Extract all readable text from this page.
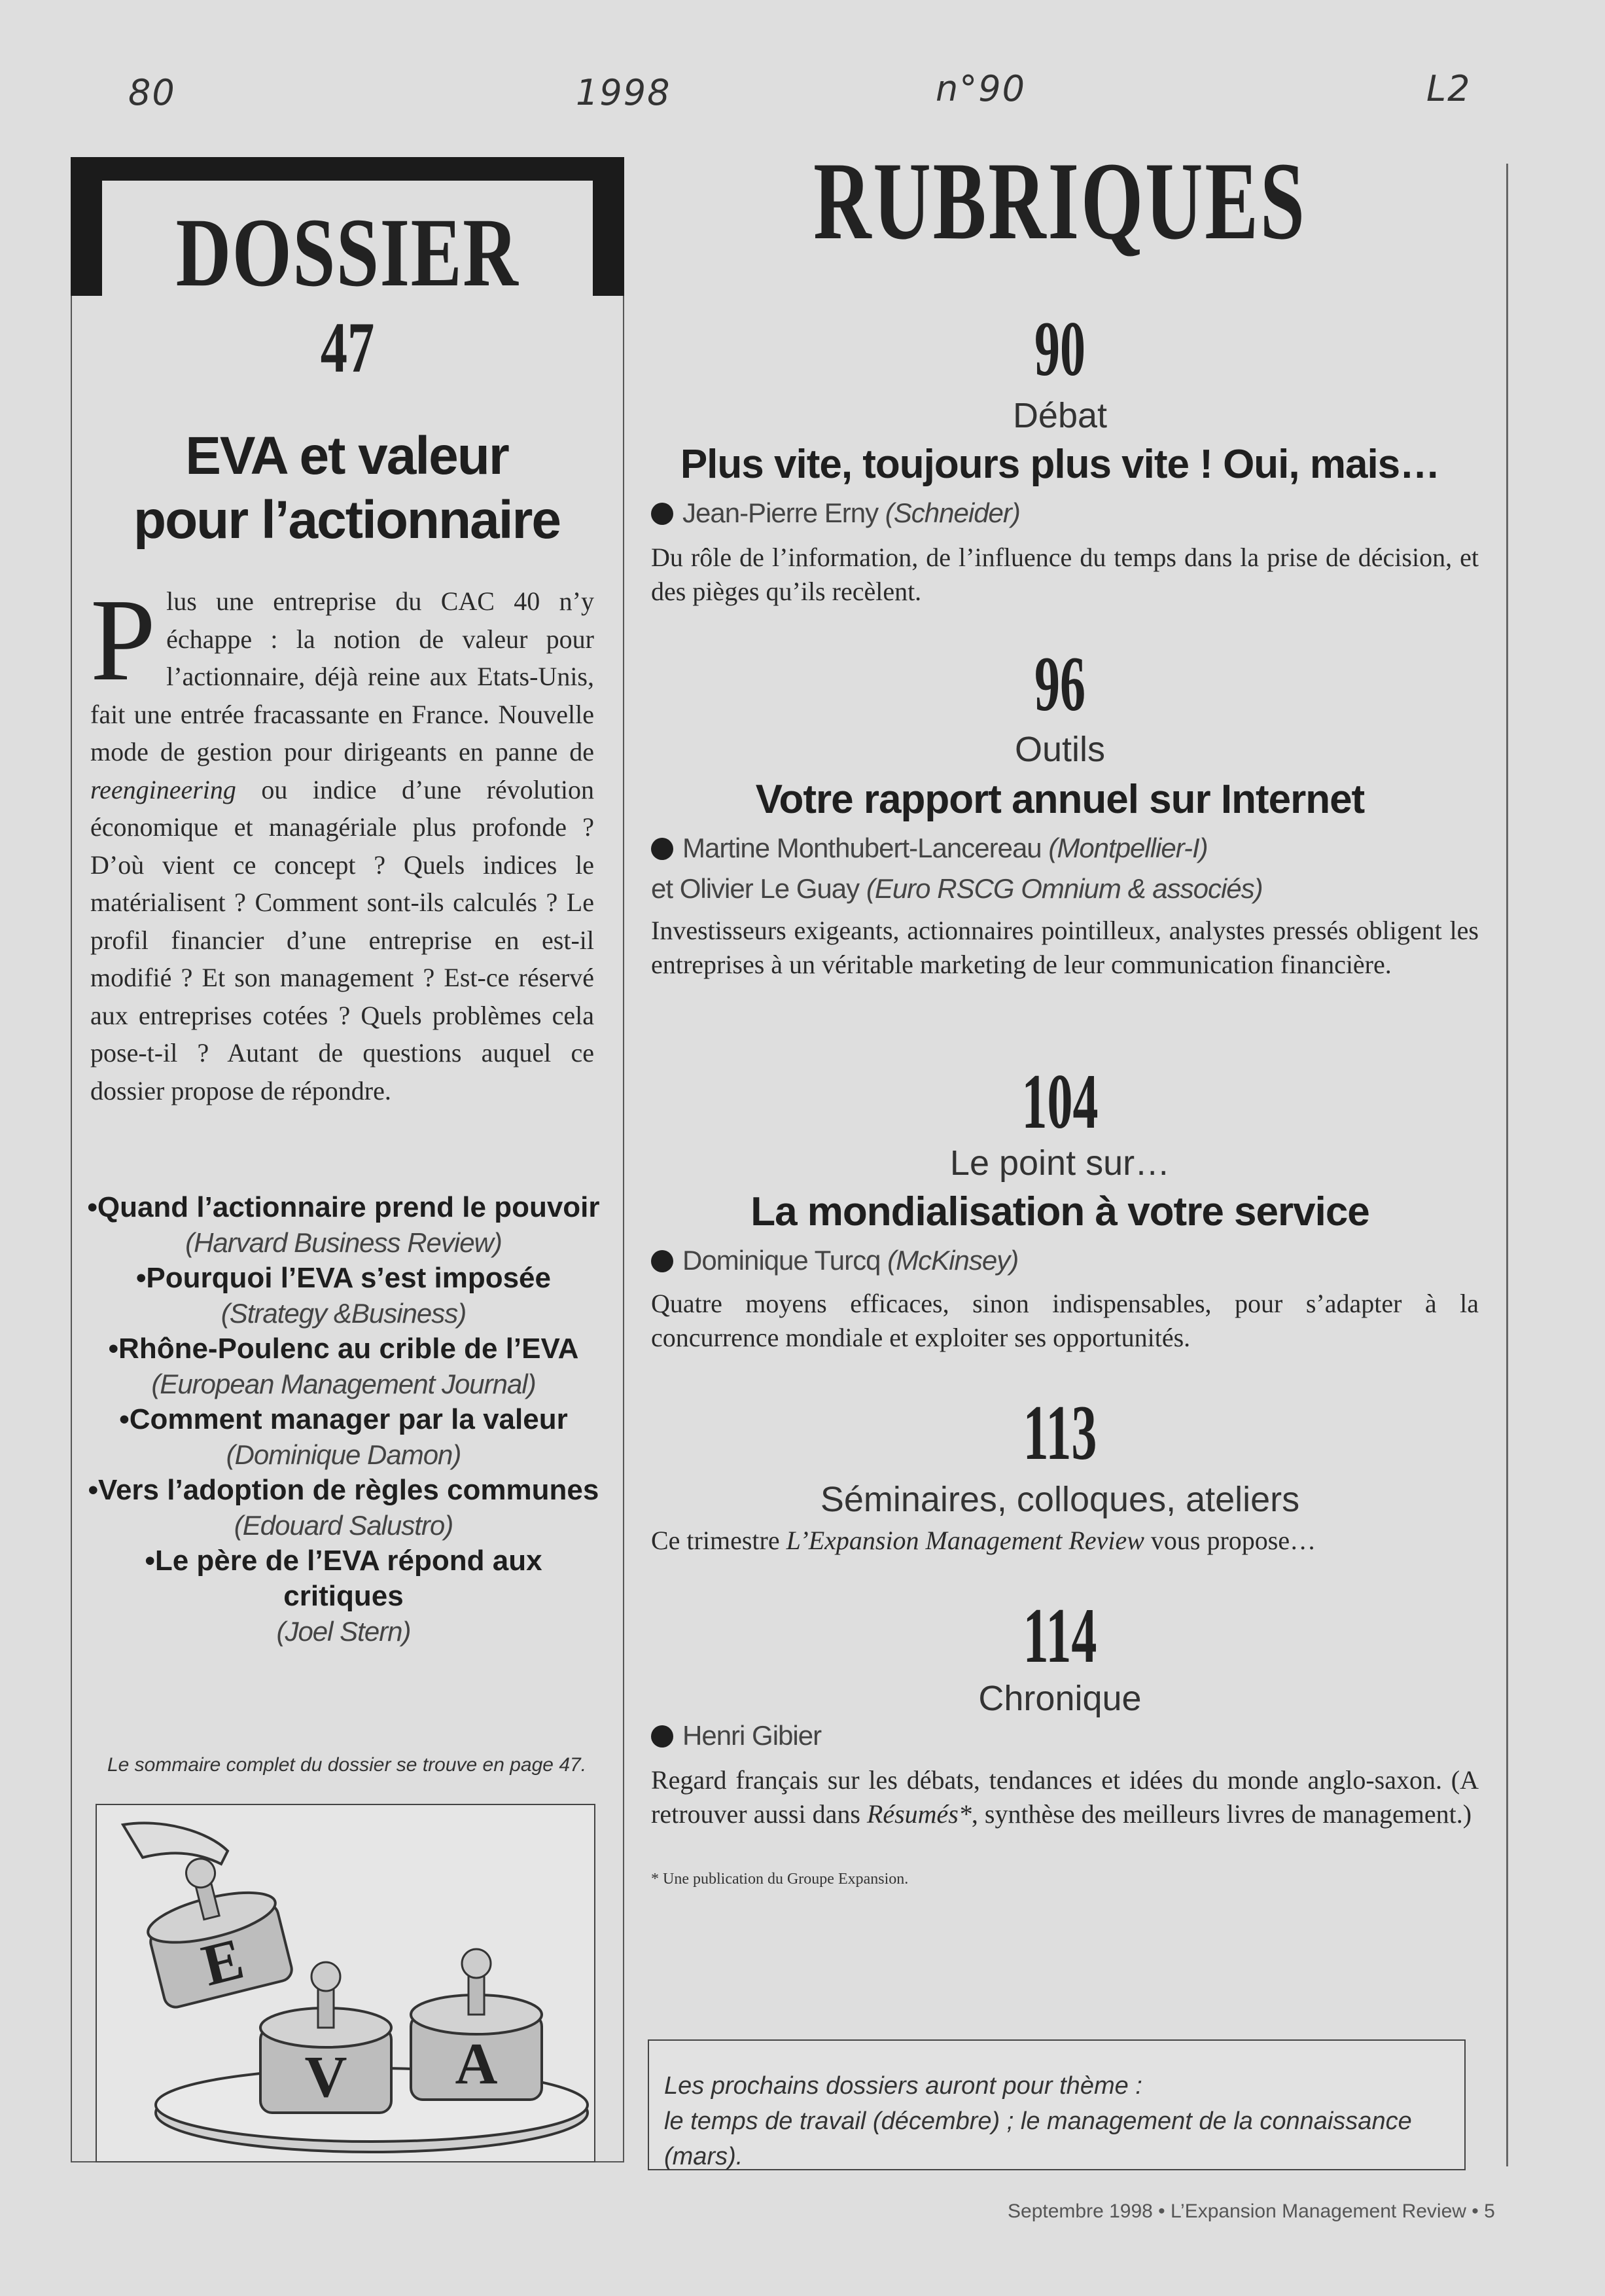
80	1998	n°90	L2
DOSSIER
47
EVA et valeur
pour l’actionnaire
Plus une entreprise du CAC 40 n’y échappe : la notion de valeur pour l’actionnaire, déjà reine aux Etats-Unis, fait une entrée fracassante en France. Nouvelle mode de gestion pour dirigeants en panne de reengineering ou indice d’une révolution économique et managériale plus profonde ? D’où vient ce concept ? Quels indices le matérialisent ? Comment sont-ils calculés ? Le profil financier d’une entreprise en est-il modifié ? Et son management ? Est-ce réservé aux entreprises cotées ? Quels problèmes cela pose-t-il ? Autant de questions auquel ce dossier propose de répondre.
• Quand l’actionnaire prend le pouvoir
(Harvard Business Review)
• Pourquoi l’EVA s’est imposée
(Strategy &Business)
• Rhône-Poulenc au crible de l’EVA
(European Management Journal)
• Comment manager par la valeur
(Dominique Damon)
• Vers l’adoption de règles communes
(Edouard Salustro)
• Le père de l’EVA répond aux critiques
(Joel Stern)
Le sommaire complet du dossier se trouve en page 47.
E
V A
RUBRIQUES
90
Débat
Plus vite, toujours plus vite ! Oui, mais…
Jean-Pierre Erny (Schneider)
Du rôle de l’information, de l’influence du temps dans la prise de décision, et des pièges qu’ils recèlent.
96
Outils
Votre rapport annuel sur Internet
Martine Monthubert-Lancereau (Montpellier-I)
et Olivier Le Guay (Euro RSCG Omnium & associés)
Investisseurs exigeants, actionnaires pointilleux, analystes pressés obligent les entreprises à un véritable marketing de leur communication financière.
104
Le point sur…
La mondialisation à votre service
Dominique Turcq (McKinsey)
Quatre moyens efficaces, sinon indispensables, pour s’adapter à la concurrence mondiale et exploiter ses opportunités.
113
Séminaires, colloques, ateliers
Ce trimestre L’Expansion Management Review vous propose…
114
Chronique
Henri Gibier
Regard français sur les débats, tendances et idées du monde anglo-saxon. (A retrouver aussi dans Résumés*, synthèse des meilleurs livres de management.)
* Une publication du Groupe Expansion.
Les prochains dossiers auront pour thème :
le temps de travail (décembre) ; le management de la connaissance (mars).
Septembre 1998 • L’Expansion Management Review • 5
